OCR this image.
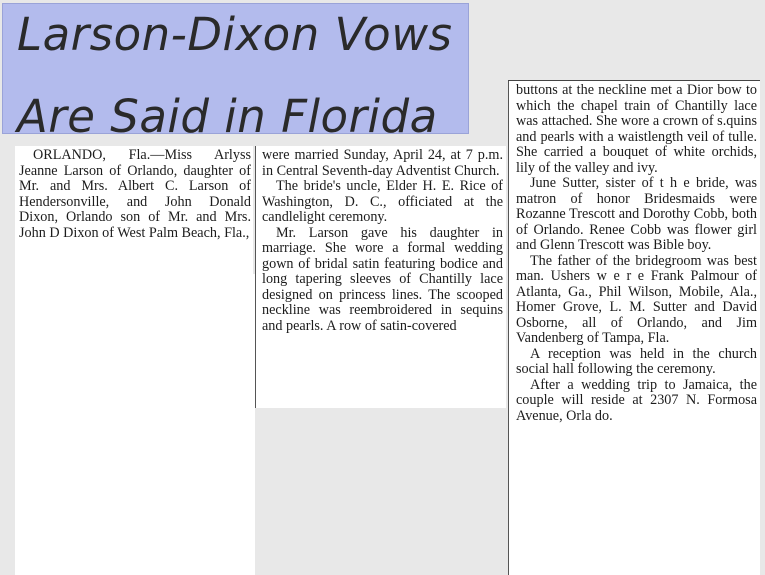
Larson-Dixon Vows
Are Said in Florida

ORLANDO, Fla.—Miss Arlyss Jeanne Larson of Orlando, daughter of Mr. and Mrs. Albert C. Larson of Hendersonville, and John Donald Dixon, Orlando son of Mr. and Mrs. John D Dixon of West Palm Beach, Fla.,

were married Sunday, April 24, at 7 p.m. in Central Seventh-day Adventist Church.

The bride's uncle, Elder H. E. Rice of Washington, D. C., officiated at the candlelight ceremony.

Mr. Larson gave his daughter in marriage. She wore a formal wedding gown of bridal satin featuring bodice and long tapering sleeves of Chantilly lace designed on princess lines. The scooped neckline was reembroidered in sequins and pearls. A row of satin-covered

buttons at the neckline met a Dior bow to which the chapel train of Chantilly lace was attached. She wore a crown of s.quins and pearls with a waistlength veil of tulle. She carried a bouquet of white orchids, lily of the valley and ivy.

June Sutter, sister of t h e bride, was matron of honor Bridesmaids were Rozanne Trescott and Dorothy Cobb, both of Orlando. Renee Cobb was flower girl and Glenn Trescott was Bible boy.

The father of the bridegroom was best man. Ushers w e r e Frank Palmour of Atlanta, Ga., Phil Wilson, Mobile, Ala., Homer Grove, L. M. Sutter and David Osborne, all of Orlando, and Jim Vandenberg of Tampa, Fla.

A reception was held in the church social hall following the ceremony.

After a wedding trip to Jamaica, the couple will reside at 2307 N. Formosa Avenue, Orla do.
